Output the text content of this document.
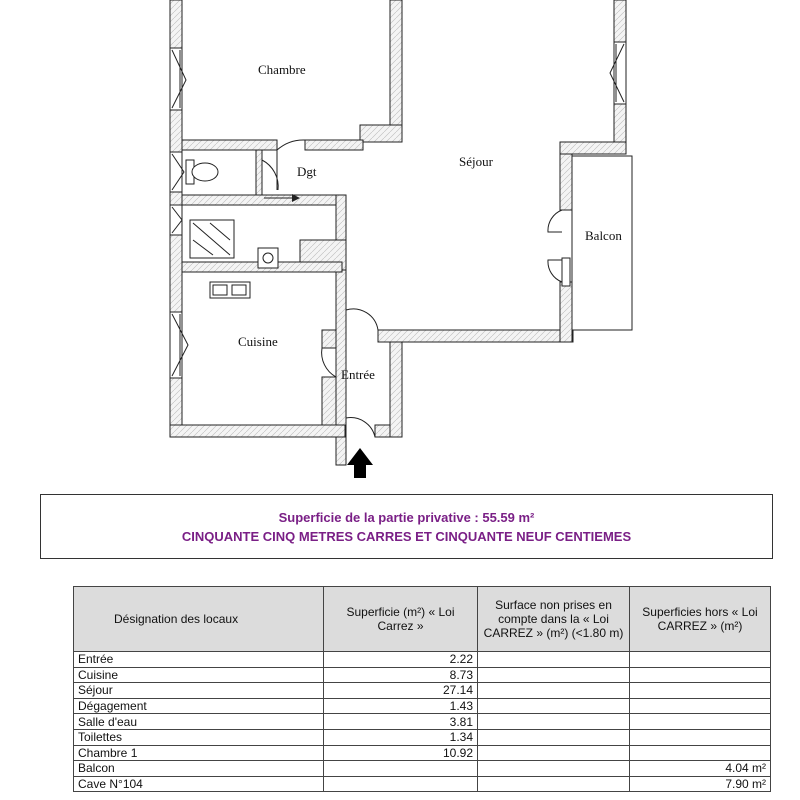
Chambre
Dgt
Séjour
Balcon
Cuisine
Entrée
Superficie de la partie privative : 55.59 m²
CINQUANTE CINQ METRES CARRES ET CINQUANTE NEUF CENTIEMES
Désignation des locaux	Superficie (m²) « Loi Carrez »	Surface non prises en compte dans la « Loi CARREZ » (m²) (<1.80 m)	Superficies hors « Loi CARREZ » (m²)
Entrée	2.22		
Cuisine	8.73		
Séjour	27.14		
Dégagement	1.43		
Salle d'eau	3.81		
Toilettes	1.34		
Chambre 1	10.92		
Balcon			4.04 m²
Cave N°104			7.90 m²
